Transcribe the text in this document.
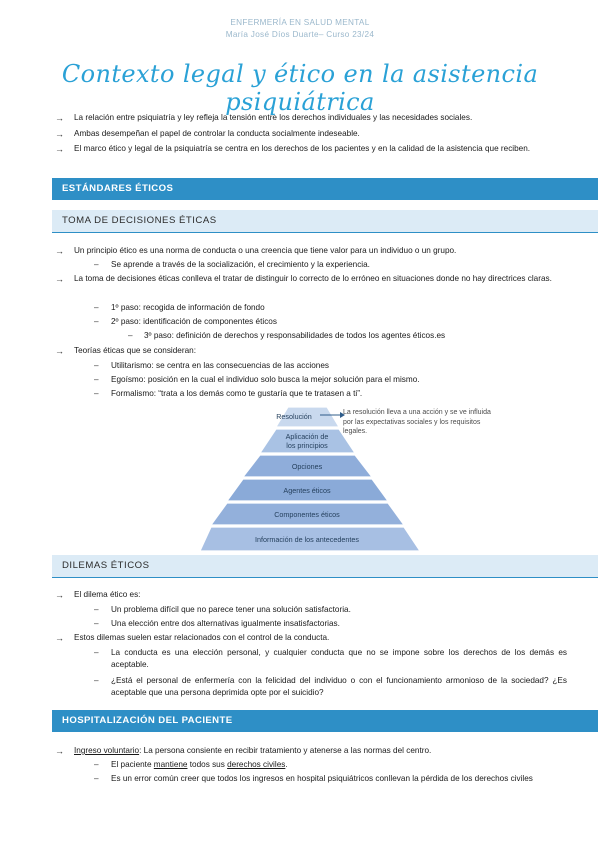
ENFERMERÍA EN SALUD MENTAL
María José Díos Duarte– Curso 23/24
Contexto legal y ético en la asistencia psiquiátrica
→ La relación entre psiquiatría y ley refleja la tensión entre los derechos individuales y las necesidades sociales.
→ Ambas desempeñan el papel de controlar la conducta socialmente indeseable.
→ El marco ético y legal de la psiquiatría se centra en los derechos de los pacientes y en la calidad de la asistencia que reciben.
ESTÁNDARES ÉTICOS
TOMA DE DECISIONES ÉTICAS
→ Un principio ético es una norma de conducta o una creencia que tiene valor para un individuo o un grupo.
– Se aprende a través de la socialización, el crecimiento y la experiencia.
→ La toma de decisiones éticas conlleva el tratar de distinguir lo correcto de lo erróneo en situaciones donde no hay directrices claras.
– 1º paso: recogida de información de fondo
– 2º paso: identificación de componentes éticos
– 3º paso: definición de derechos y responsabilidades de todos los agentes éticos.es
→ Teorías éticas que se consideran:
– Utilitarismo: se centra en las consecuencias de las acciones
– Egoísmo: posición en la cual el individuo solo busca la mejor solución para el mismo.
– Formalismo: “trata a los demás como te gustaría que te tratasen a ti”.
Resolución
Aplicación de
los principios
Opciones
Agentes éticos
Componentes éticos
Información de los antecedentes
La resolución lleva a una acción y se ve influida por las expectativas sociales y los requisitos legales.
DILEMAS ÉTICOS
→ El dilema ético es:
– Un problema difícil que no parece tener una solución satisfactoria.
– Una elección entre dos alternativas igualmente insatisfactorias.
→ Estos dilemas suelen estar relacionados con el control de la conducta.
– La conducta es una elección personal, y cualquier conducta que no se impone sobre los derechos de los demás es aceptable.
– ¿Está el personal de enfermería con la felicidad del individuo o con el funcionamiento armonioso de la sociedad? ¿Es aceptable que una persona deprimida opte por el suicidio?
HOSPITALIZACIÓN DEL PACIENTE
→ Ingreso voluntario: La persona consiente en recibir tratamiento y atenerse a las normas del centro.
– El paciente mantiene todos sus derechos civiles.
– Es un error común creer que todos los ingresos en hospital psiquiátricos conllevan la pérdida de los derechos civiles
